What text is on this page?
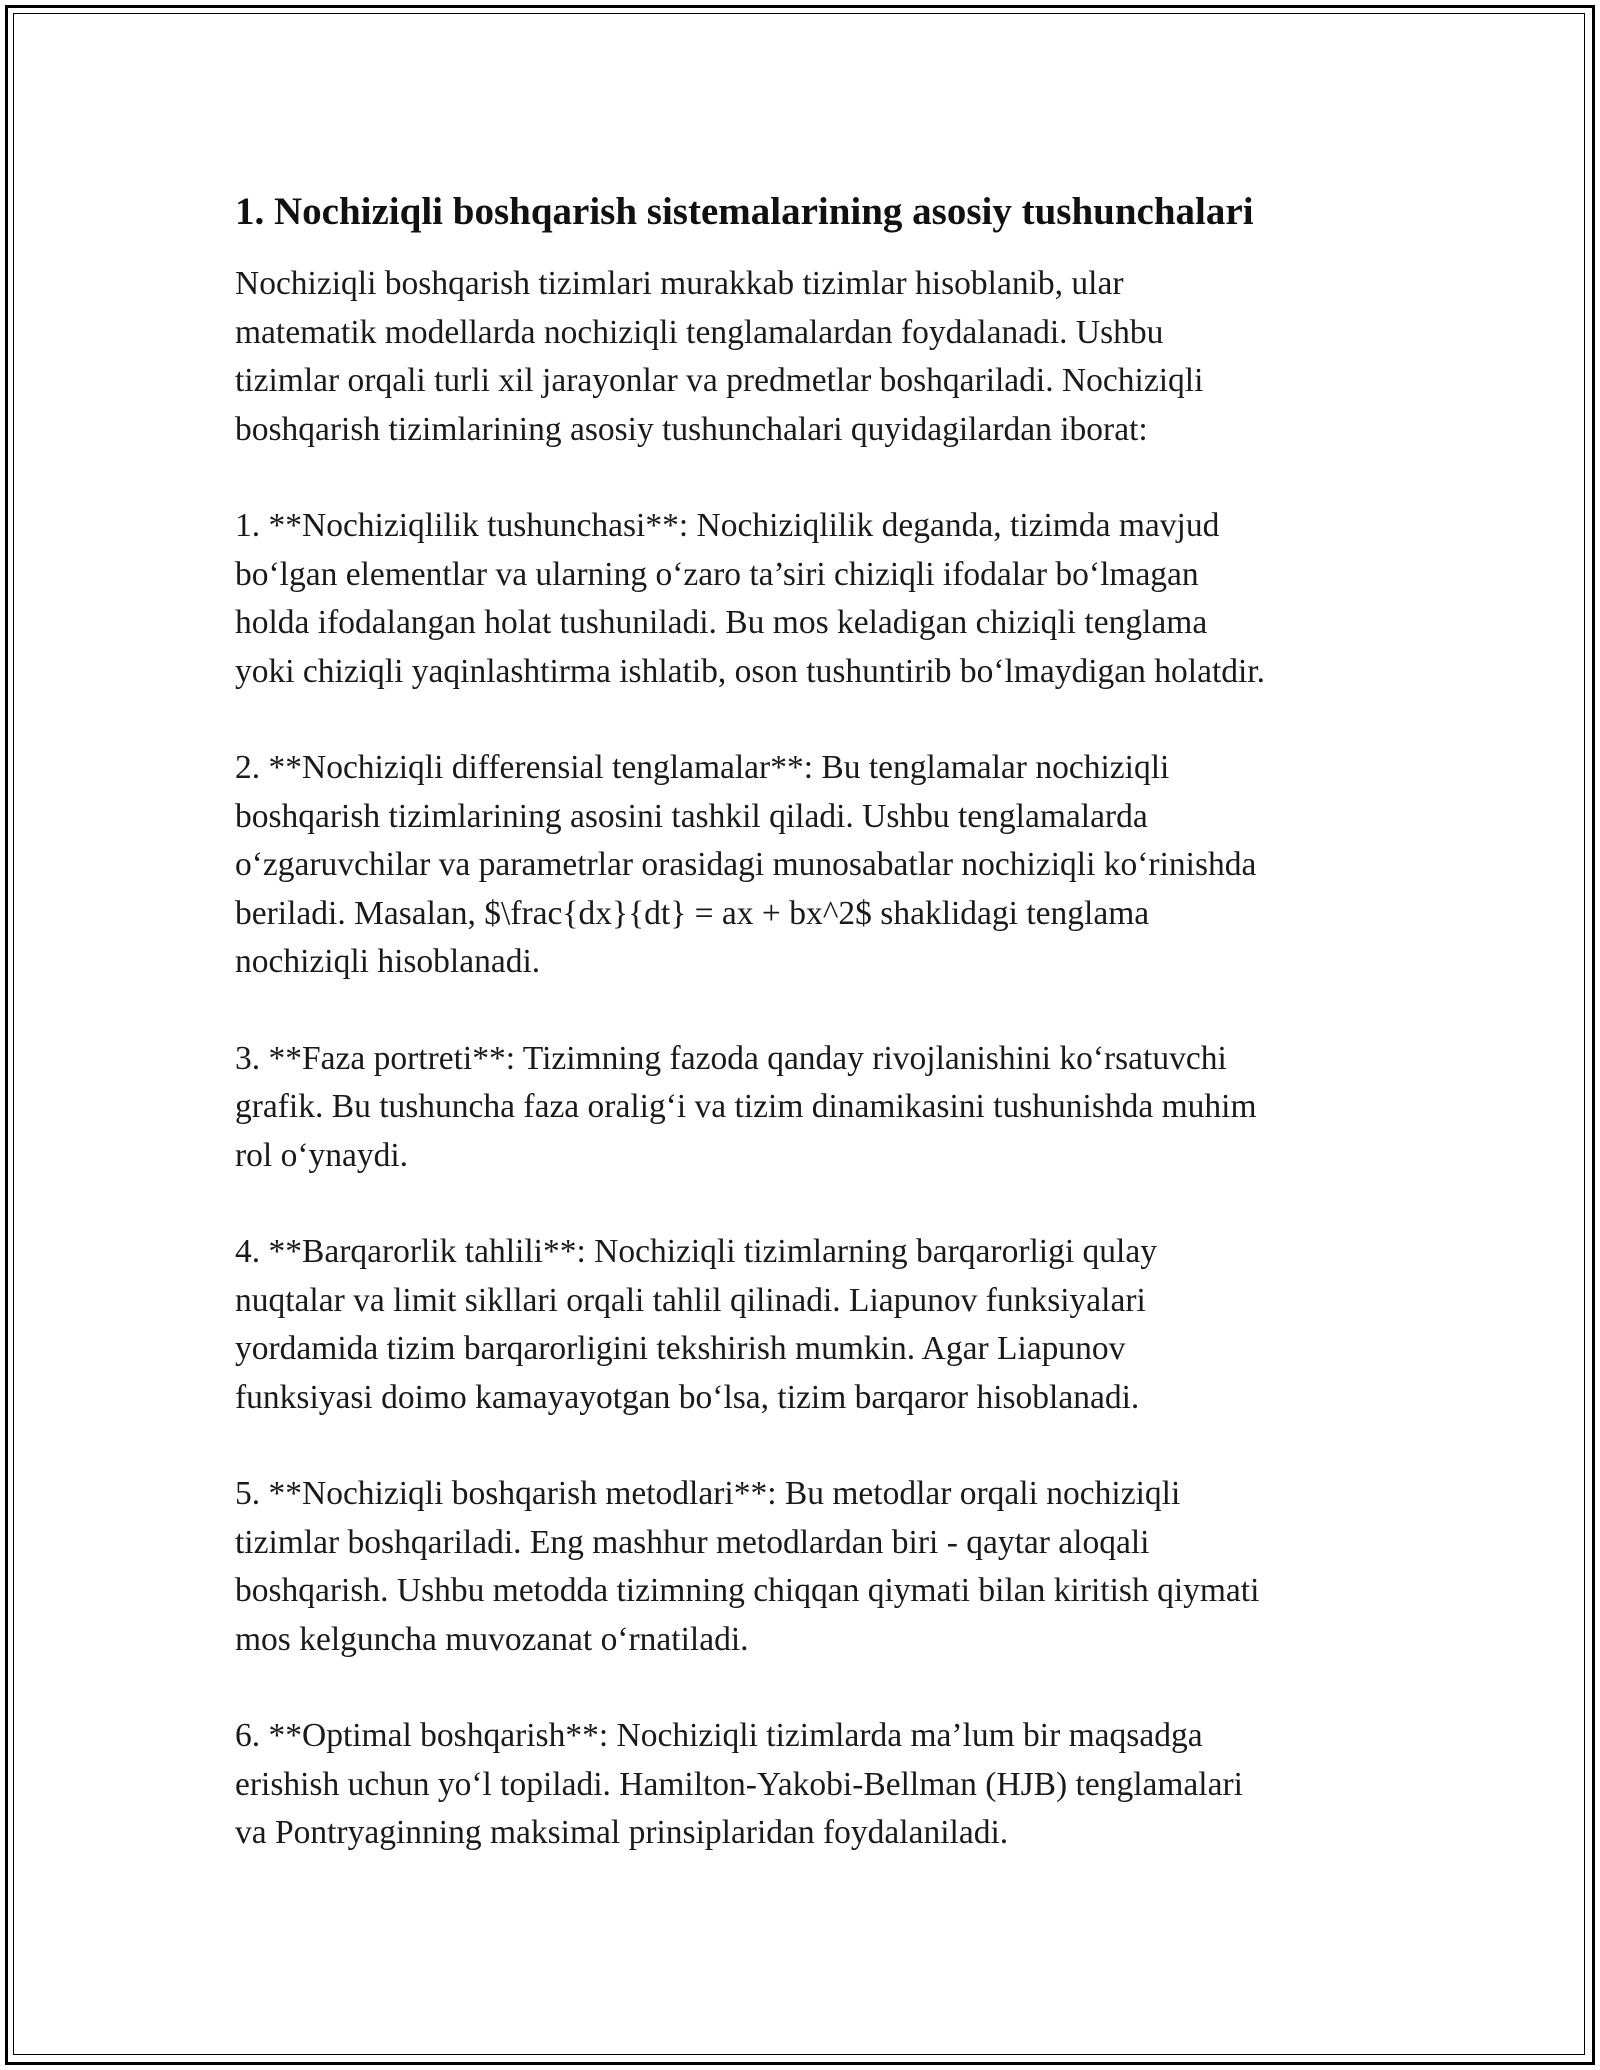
1. Nochiziqli boshqarish sistemalarining asosiy tushunchalari

Nochiziqli boshqarish tizimlari murakkab tizimlar hisoblanib, ular
matematik modellarda nochiziqli tenglamalardan foydalanadi. Ushbu
tizimlar orqali turli xil jarayonlar va predmetlar boshqariladi. Nochiziqli
boshqarish tizimlarining asosiy tushunchalari quyidagilardan iborat:

1. **Nochiziqlilik tushunchasi**: Nochiziqlilik deganda, tizimda mavjud
bo‘lgan elementlar va ularning o‘zaro ta’siri chiziqli ifodalar bo‘lmagan
holda ifodalangan holat tushuniladi. Bu mos keladigan chiziqli tenglama
yoki chiziqli yaqinlashtirma ishlatib, oson tushuntirib bo‘lmaydigan holatdir.

2. **Nochiziqli differensial tenglamalar**: Bu tenglamalar nochiziqli
boshqarish tizimlarining asosini tashkil qiladi. Ushbu tenglamalarda
o‘zgaruvchilar va parametrlar orasidagi munosabatlar nochiziqli ko‘rinishda
beriladi. Masalan, $\frac{dx}{dt} = ax + bx^2$ shaklidagi tenglama
nochiziqli hisoblanadi.

3. **Faza portreti**: Tizimning fazoda qanday rivojlanishini ko‘rsatuvchi
grafik. Bu tushuncha faza oralig‘i va tizim dinamikasini tushunishda muhim
rol o‘ynaydi.

4. **Barqarorlik tahlili**: Nochiziqli tizimlarning barqarorligi qulay
nuqtalar va limit sikllari orqali tahlil qilinadi. Liapunov funksiyalari
yordamida tizim barqarorligini tekshirish mumkin. Agar Liapunov
funksiyasi doimo kamayayotgan bo‘lsa, tizim barqaror hisoblanadi.

5. **Nochiziqli boshqarish metodlari**: Bu metodlar orqali nochiziqli
tizimlar boshqariladi. Eng mashhur metodlardan biri - qaytar aloqali
boshqarish. Ushbu metodda tizimning chiqqan qiymati bilan kiritish qiymati
mos kelguncha muvozanat o‘rnatiladi.

6. **Optimal boshqarish**: Nochiziqli tizimlarda ma’lum bir maqsadga
erishish uchun yo‘l topiladi. Hamilton-Yakobi-Bellman (HJB) tenglamalari
va Pontryaginning maksimal prinsiplaridan foydalaniladi.
